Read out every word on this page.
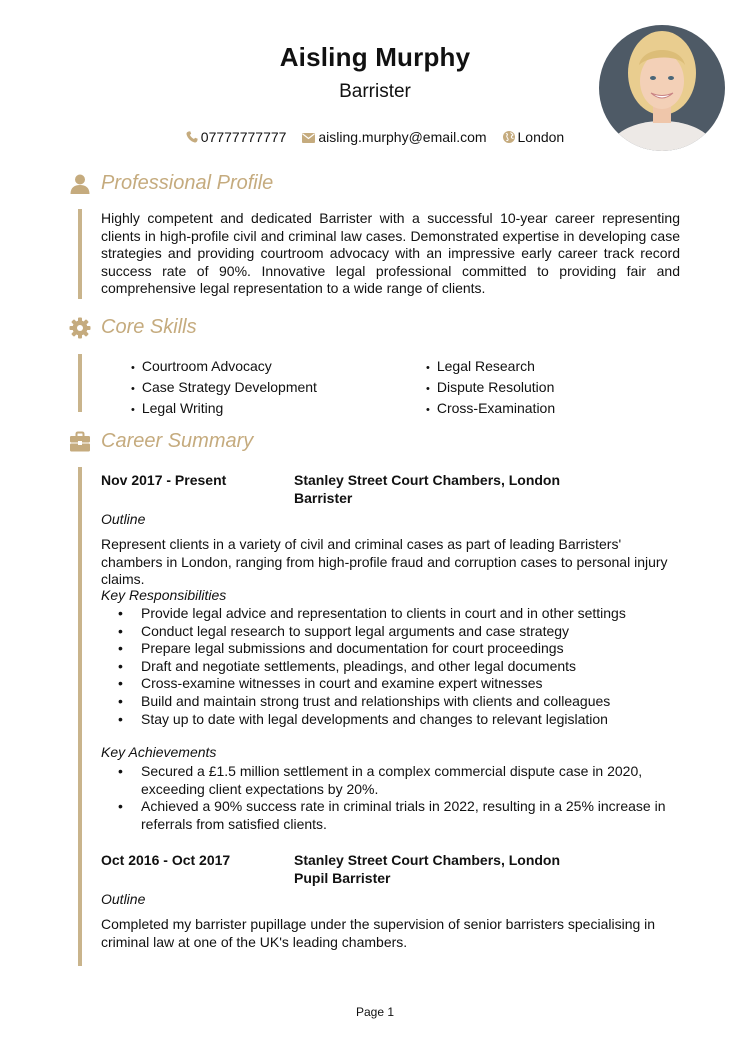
Aisling Murphy
Barrister
07777777777 aisling.murphy@email.com London
Professional Profile
Highly competent and dedicated Barrister with a successful 10-year career representing clients in high-profile civil and criminal law cases. Demonstrated expertise in developing case strategies and providing courtroom advocacy with an impressive early career track record success rate of 90%. Innovative legal professional committed to providing fair and comprehensive legal representation to a wide range of clients.
Core Skills
• Courtroom Advocacy
• Case Strategy Development
• Legal Writing
• Legal Research
• Dispute Resolution
• Cross-Examination
Career Summary
Nov 2017 - Present	Stanley Street Court Chambers, London
Barrister
Outline
Represent clients in a variety of civil and criminal cases as part of leading Barristers' chambers in London, ranging from high-profile fraud and corruption cases to personal injury claims.
Key Responsibilities
• Provide legal advice and representation to clients in court and in other settings
• Conduct legal research to support legal arguments and case strategy
• Prepare legal submissions and documentation for court proceedings
• Draft and negotiate settlements, pleadings, and other legal documents
• Cross-examine witnesses in court and examine expert witnesses
• Build and maintain strong trust and relationships with clients and colleagues
• Stay up to date with legal developments and changes to relevant legislation
Key Achievements
• Secured a £1.5 million settlement in a complex commercial dispute case in 2020, exceeding client expectations by 20%.
• Achieved a 90% success rate in criminal trials in 2022, resulting in a 25% increase in referrals from satisfied clients.
Oct 2016 - Oct 2017	Stanley Street Court Chambers, London
Pupil Barrister
Outline
Completed my barrister pupillage under the supervision of senior barristers specialising in criminal law at one of the UK's leading chambers.
Page 1
